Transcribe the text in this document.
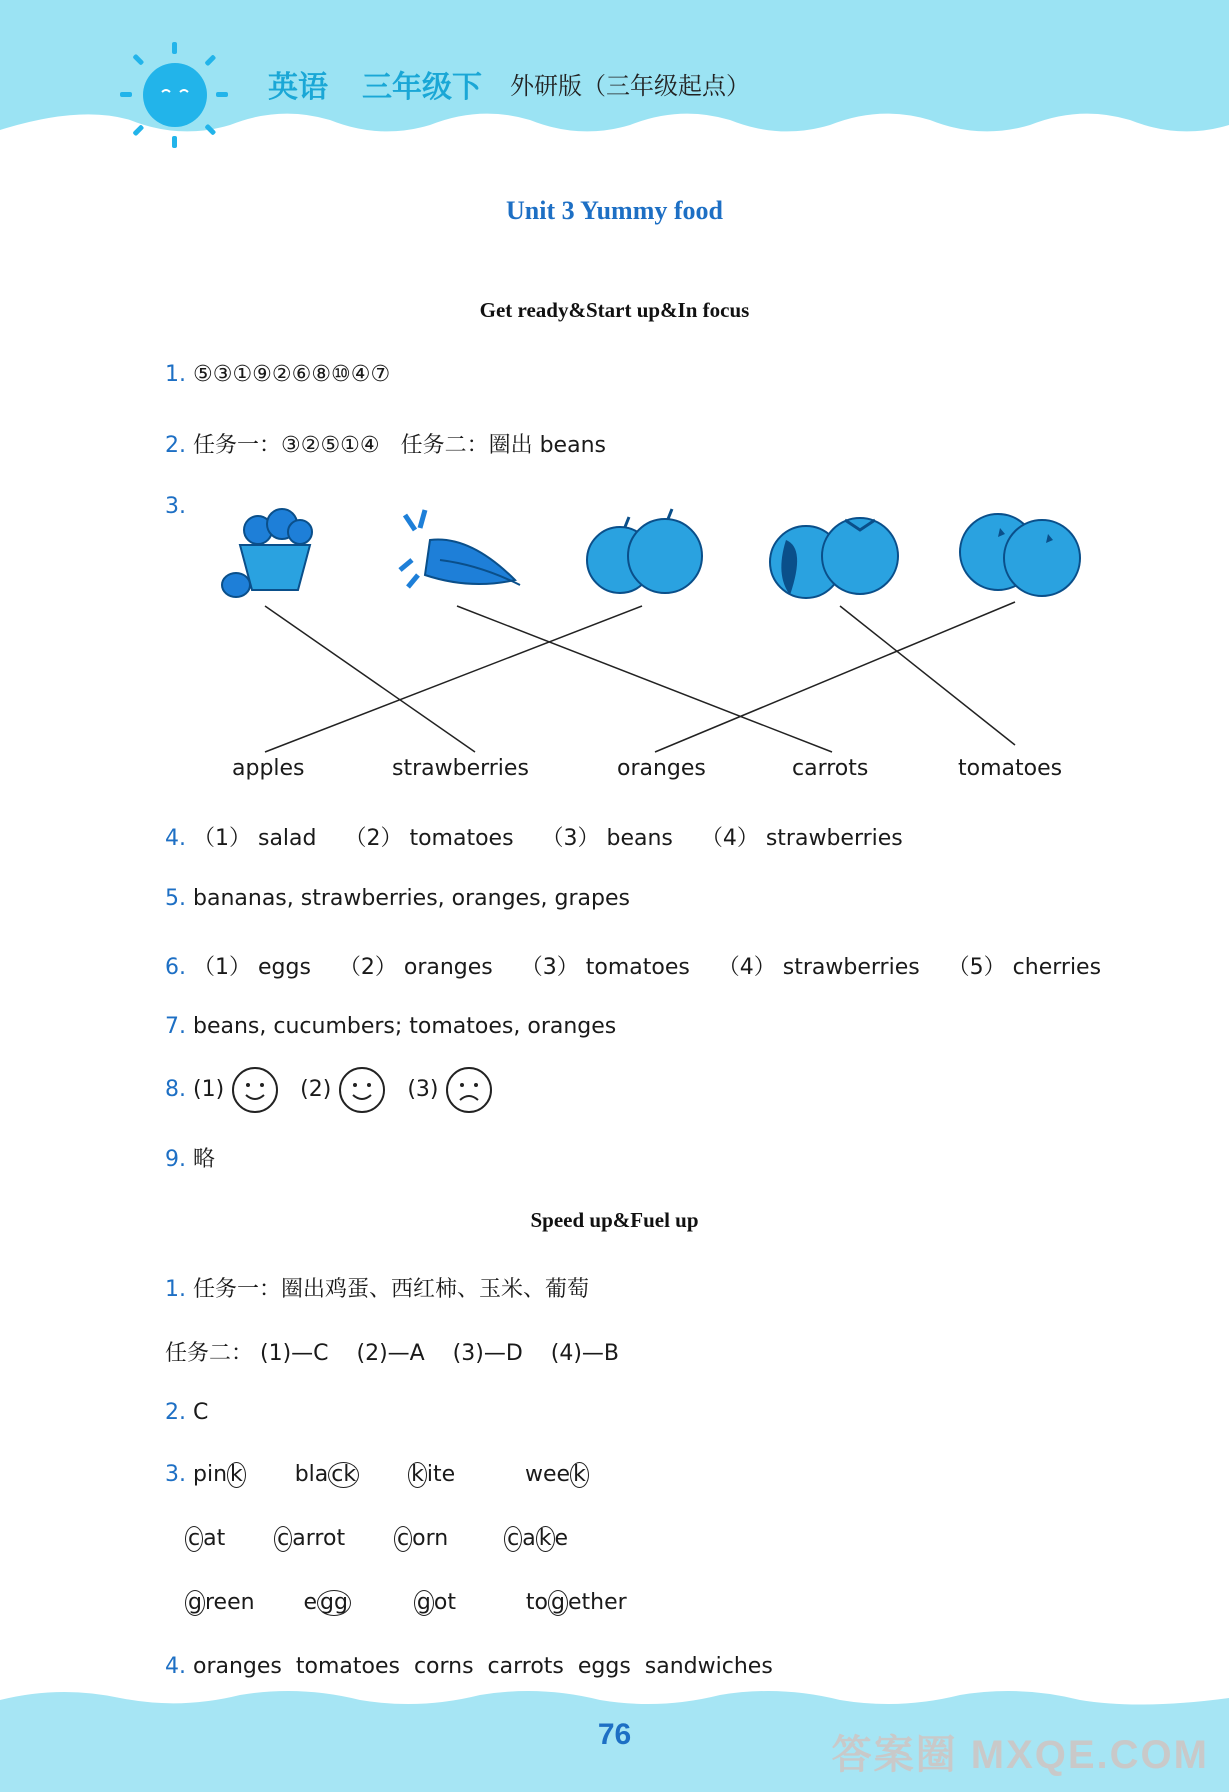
英语 三年级下 外研版（三年级起点）
Unit 3 Yummy food
Get ready&Start up&In focus
1. ⑤③①⑨②⑥⑧⑩④⑦
2. 任务一：③②⑤①④   任务二：圈出 beans
3.
apples	strawberries	oranges	carrots	tomatoes
4. （1） salad    （2） tomatoes    （3） beans    （4） strawberries
5. bananas, strawberries, oranges, grapes
6. （1） eggs    （2） oranges    （3） tomatoes    （4） strawberries    （5） cherries
7. beans, cucumbers; tomatoes, oranges
8. (1)	(2)	(3)
9. 略
Speed up&Fuel up
1. 任务一：圈出鸡蛋、西红柿、玉米、葡萄
任务二： (1)—C    (2)—A    (3)—D    (4)—B
2. C
3. pin k       bla ck k ite          wee k
c at       c arrot       c orn        c a k e
g reen       e gg	g ot          to g ether
4. oranges  tomatoes  corns  carrots  eggs  sandwiches
76	答案圈 MXQE.COM
